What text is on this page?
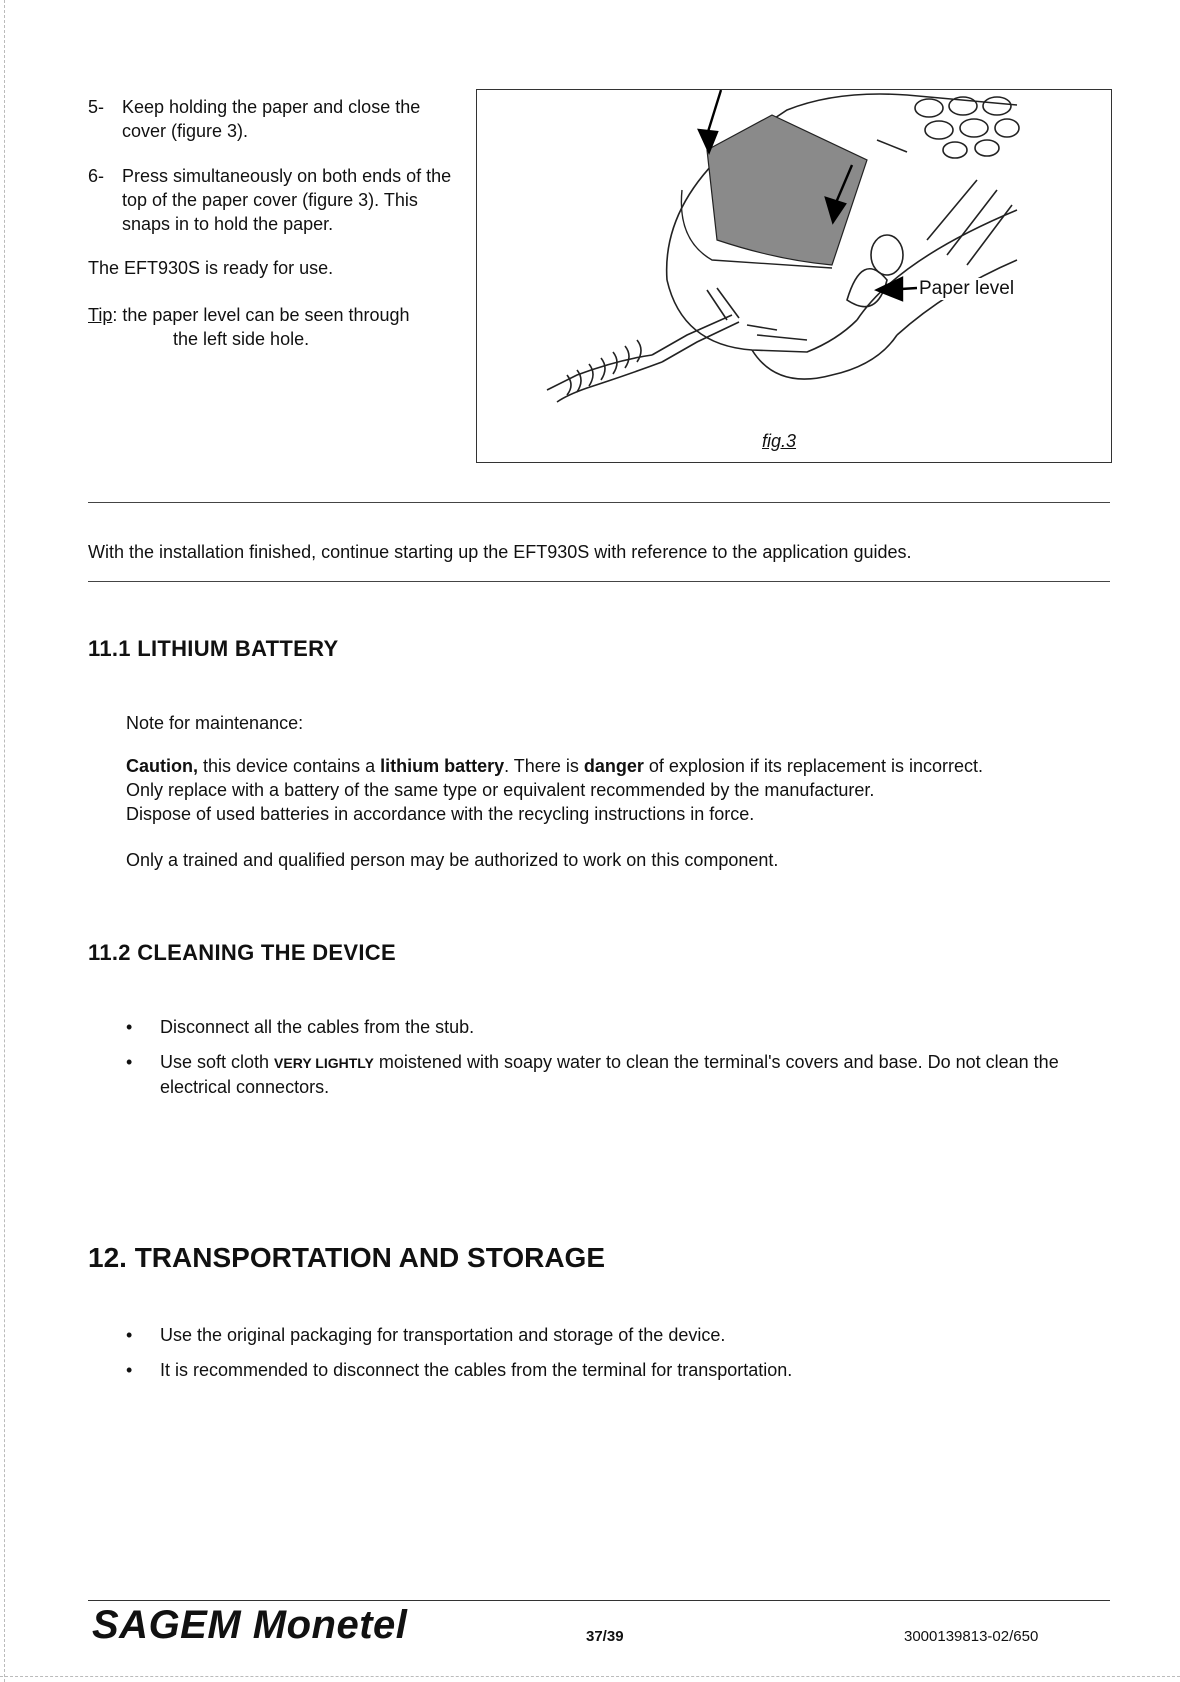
5- Keep holding the paper and close the cover (figure 3).
6- Press simultaneously on both ends of the top of the paper cover (figure 3). This snaps in to hold the paper.
The EFT930S is ready for use.
Tip: the paper level can be seen through
the left side hole.
Paper level
fig.3
With the installation finished, continue starting up the EFT930S with reference to the application guides.
11.1 LITHIUM BATTERY
Note for maintenance:
Caution, this device contains a lithium battery. There is danger of explosion if its replacement is incorrect.
Only replace with a battery of the same type or equivalent recommended by the manufacturer.
Dispose of used batteries in accordance with the recycling instructions in force.
Only a trained and qualified person may be authorized to work on this component.
11.2 CLEANING THE DEVICE
• Disconnect all the cables from the stub.
• Use soft cloth VERY LIGHTLY moistened with soapy water to clean the terminal's covers and base. Do not clean the electrical connectors.
12. TRANSPORTATION AND STORAGE
• Use the original packaging for transportation and storage of the device.
• It is recommended to disconnect the cables from the terminal for transportation.
SAGEM Monetel	37/39	3000139813-02/650
